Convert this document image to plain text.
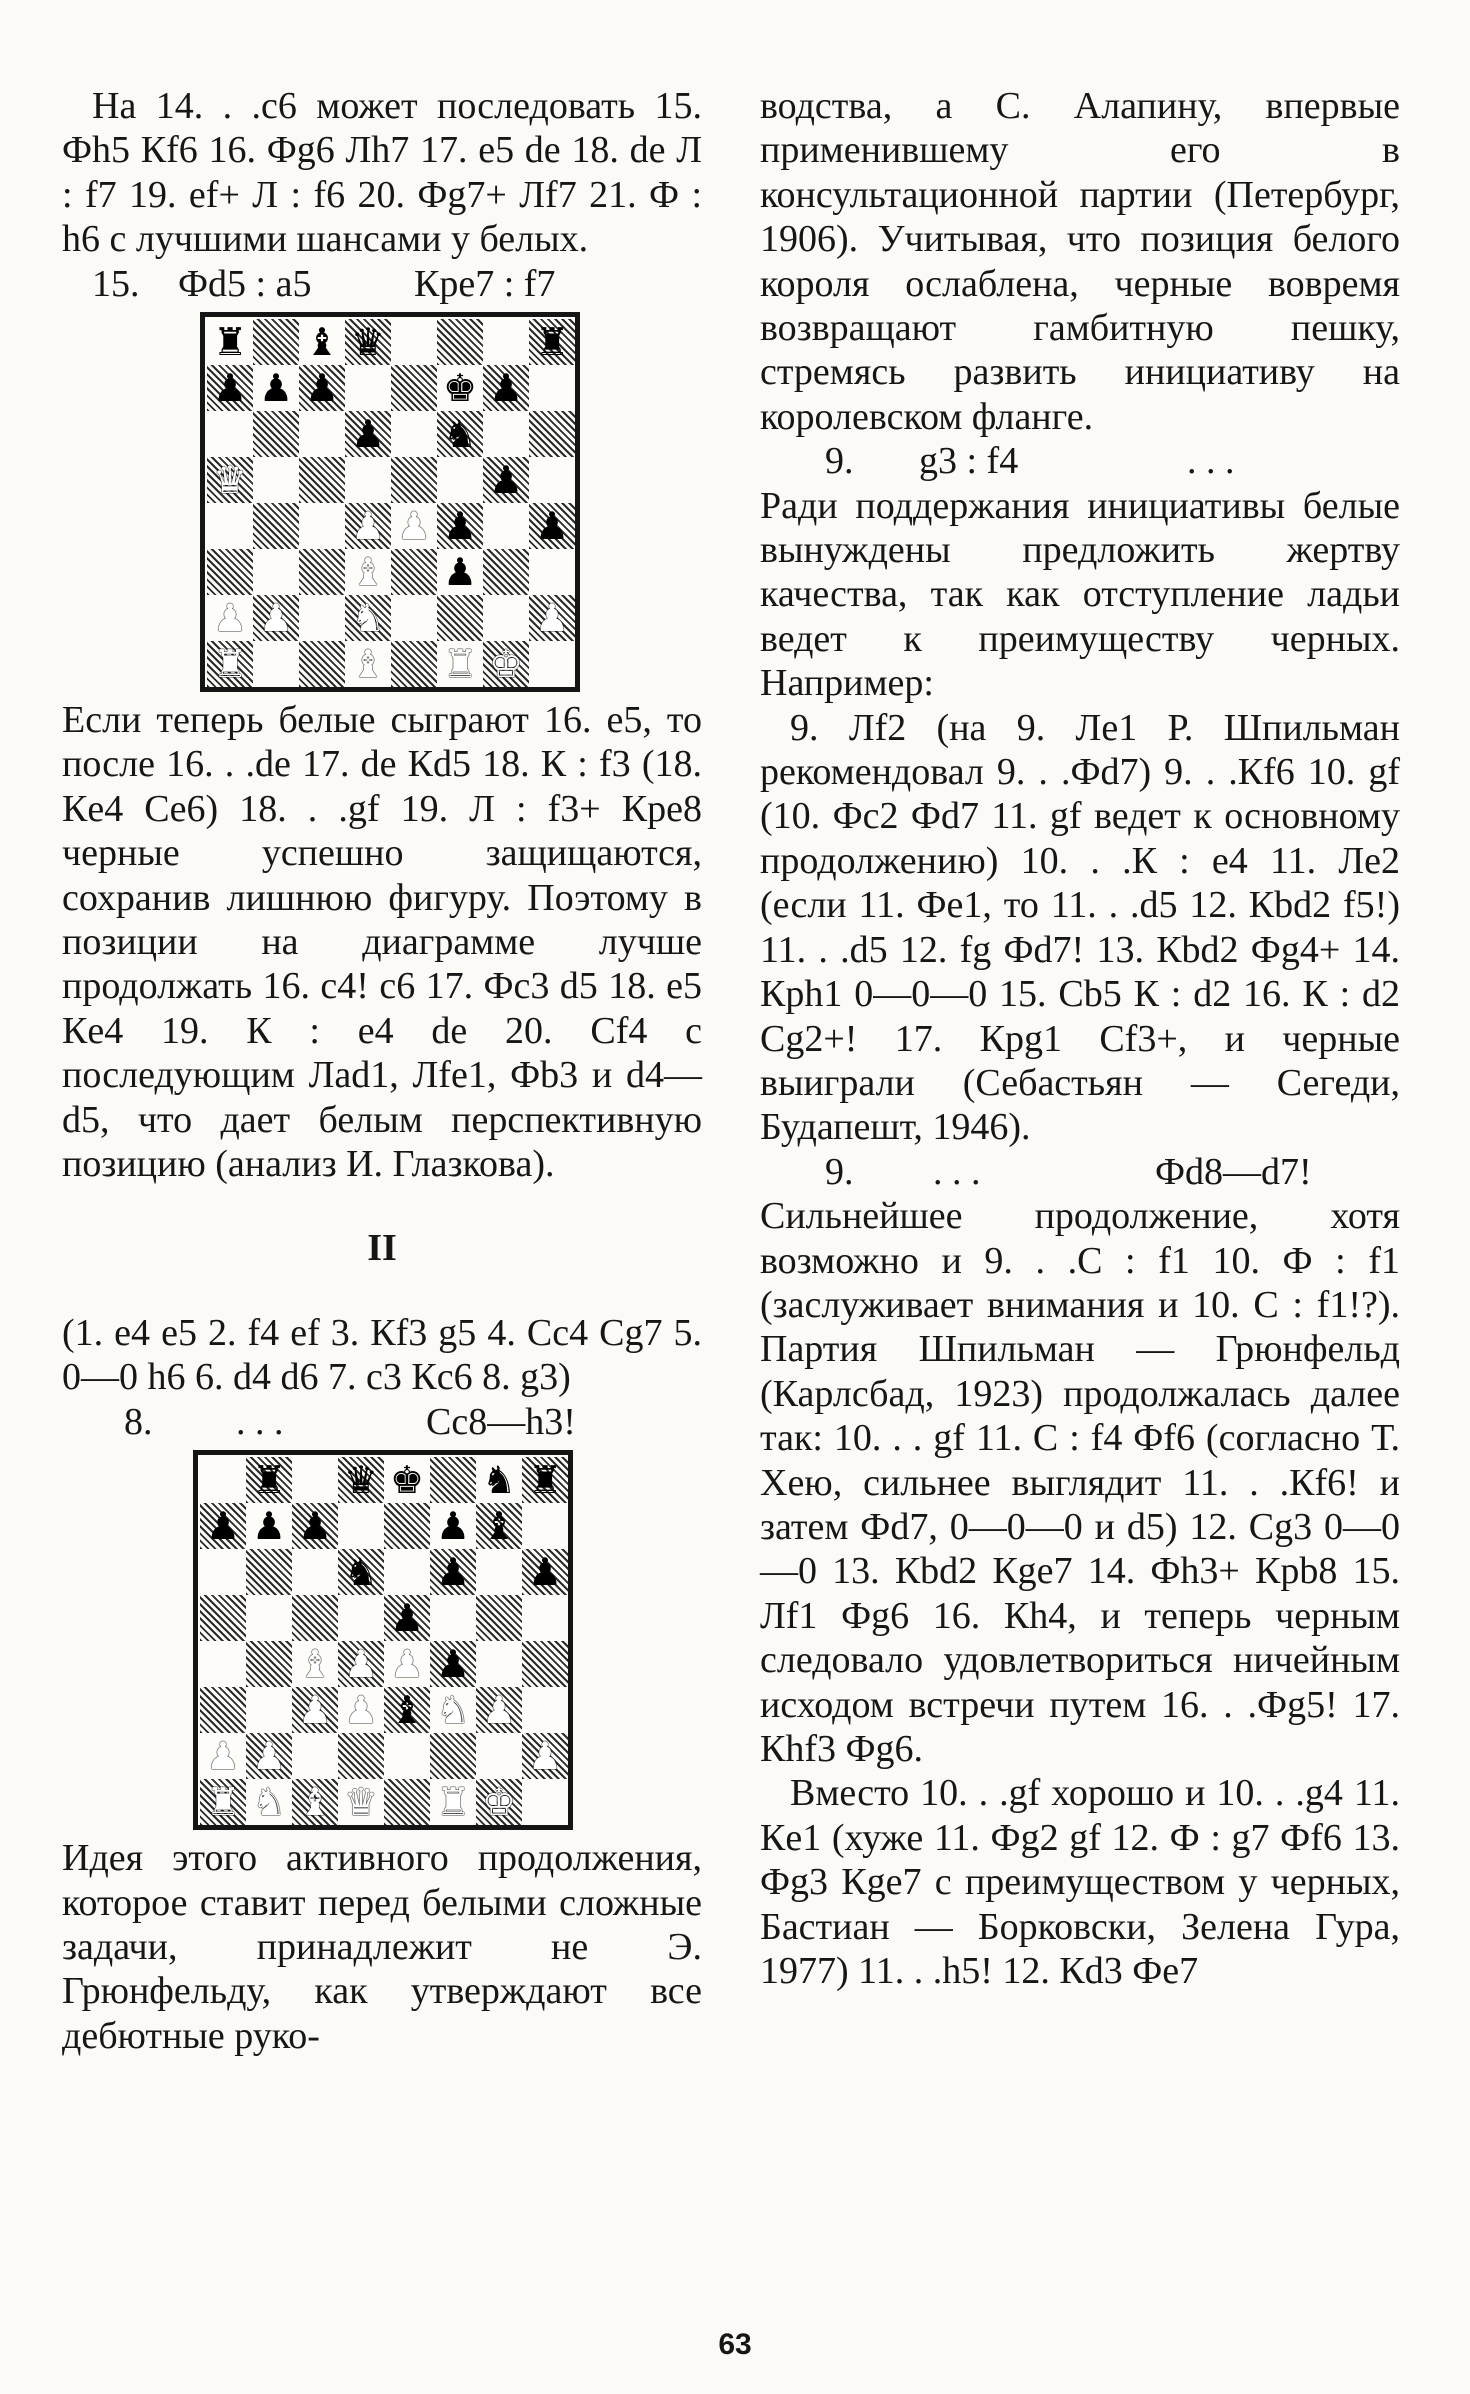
На 14. . .c6 может последовать 15. Фh5 Кf6 16. Фg6 Лh7 17. e5 de 18. de Л : f7 19. ef+ Л : f6 20. Фg7+ Лf7 21. Ф : h6 с лучшими шансами у белых.

15. Фd5 : a5	Кpe7 : f7
♜ ♝ ♛	♜
♟ ♟ ♟	♚ ♟
♟ ♞
♛	♟
♟ ♟ ♟ ♟
♝ ♟
♟ ♟ ♞	♟
♜	♝ ♜ ♚

Если теперь белые сыграют 16. e5, то после 16. . .de 17. de Кd5 18. К : f3 (18. Кe4 Сe6) 18. . .gf 19. Л : f3+ Кpe8 черные успешно защищаются, сохранив лишнюю фигуру. Поэтому в позиции на диаграмме лучше продолжать 16. c4! c6 17. Фc3 d5 18. e5 Кe4 19. К : e4 de 20. Сf4 с последующим Лad1, Лfe1, Фb3 и d4—d5, что дает белым перспективную позицию (анализ И. Глазкова).

II

(1. e4 e5 2. f4 ef 3. Кf3 g5 4. Сc4 Сg7 5. 0—0 h6 6. d4 d6 7. c3 Кc6 8. g3)

8.	. . .	Сc8—h3!
♜ ♛ ♚ ♞ ♜
♟ ♟ ♟	♟ ♝
♞ ♟ ♟
♟
♝ ♟ ♟ ♟
♟ ♟ ♝ ♞ ♟
♟ ♟	♟
♜ ♞ ♝ ♛ ♜ ♚

Идея этого активного продолжения, которое ставит перед белыми сложные задачи, принадлежит не Э. Грюнфельду, как утверждают все дебютные руко-

водства, а С. Алапину, впервые применившему его в консультационной партии (Петербург, 1906). Учитывая, что позиция белого короля ослаблена, черные вовремя возвращают гамбитную пешку, стремясь развить инициативу на королевском фланге.

9.	g3 : f4	. . .

Ради поддержания инициативы белые вынуждены предложить жертву качества, так как отступление ладьи ведет к преимуществу черных. Например:

9. Лf2 (на 9. Лe1 Р. Шпильман рекомендовал 9. . .Фd7) 9. . .Кf6 10. gf (10. Фc2 Фd7 11. gf ведет к основному продолжению) 10. . .К : e4 11. Лe2 (если 11. Фe1, то 11. . .d5 12. Кbd2 f5!) 11. . .d5 12. fg Фd7! 13. Кbd2 Фg4+ 14. Кph1 0—0—0 15. Сb5 К : d2 16. К : d2 Сg2+! 17. Кpg1 Сf3+, и черные выиграли (Себастьян — Сегеди, Будапешт, 1946).

9.	. . .	Фd8—d7!

Сильнейшее продолжение, хотя возможно и 9. . .С : f1 10. Ф : f1 (заслуживает внимания и 10. С : f1!?). Партия Шпильман — Грюнфельд (Карлсбад, 1923) продолжалась далее так: 10. . . gf 11. С : f4 Фf6 (согласно Т. Хею, сильнее выглядит 11. . .Кf6! и затем Фd7, 0—0—0 и d5) 12. Сg3 0—0—0 13. Кbd2 Кge7 14. Фh3+ Кpb8 15. Лf1 Фg6 16. Кh4, и теперь черным следовало удовлетвориться ничейным исходом встречи путем 16. . .Фg5! 17. Кhf3 Фg6.

Вместо 10. . .gf хорошо и 10. . .g4 11. Кe1 (хуже 11. Фg2 gf 12. Ф : g7 Фf6 13. Фg3 Кge7 с преимуществом у черных, Бастиан — Борковски, Зелена Гура, 1977) 11. . .h5! 12. Кd3 Фe7

63
